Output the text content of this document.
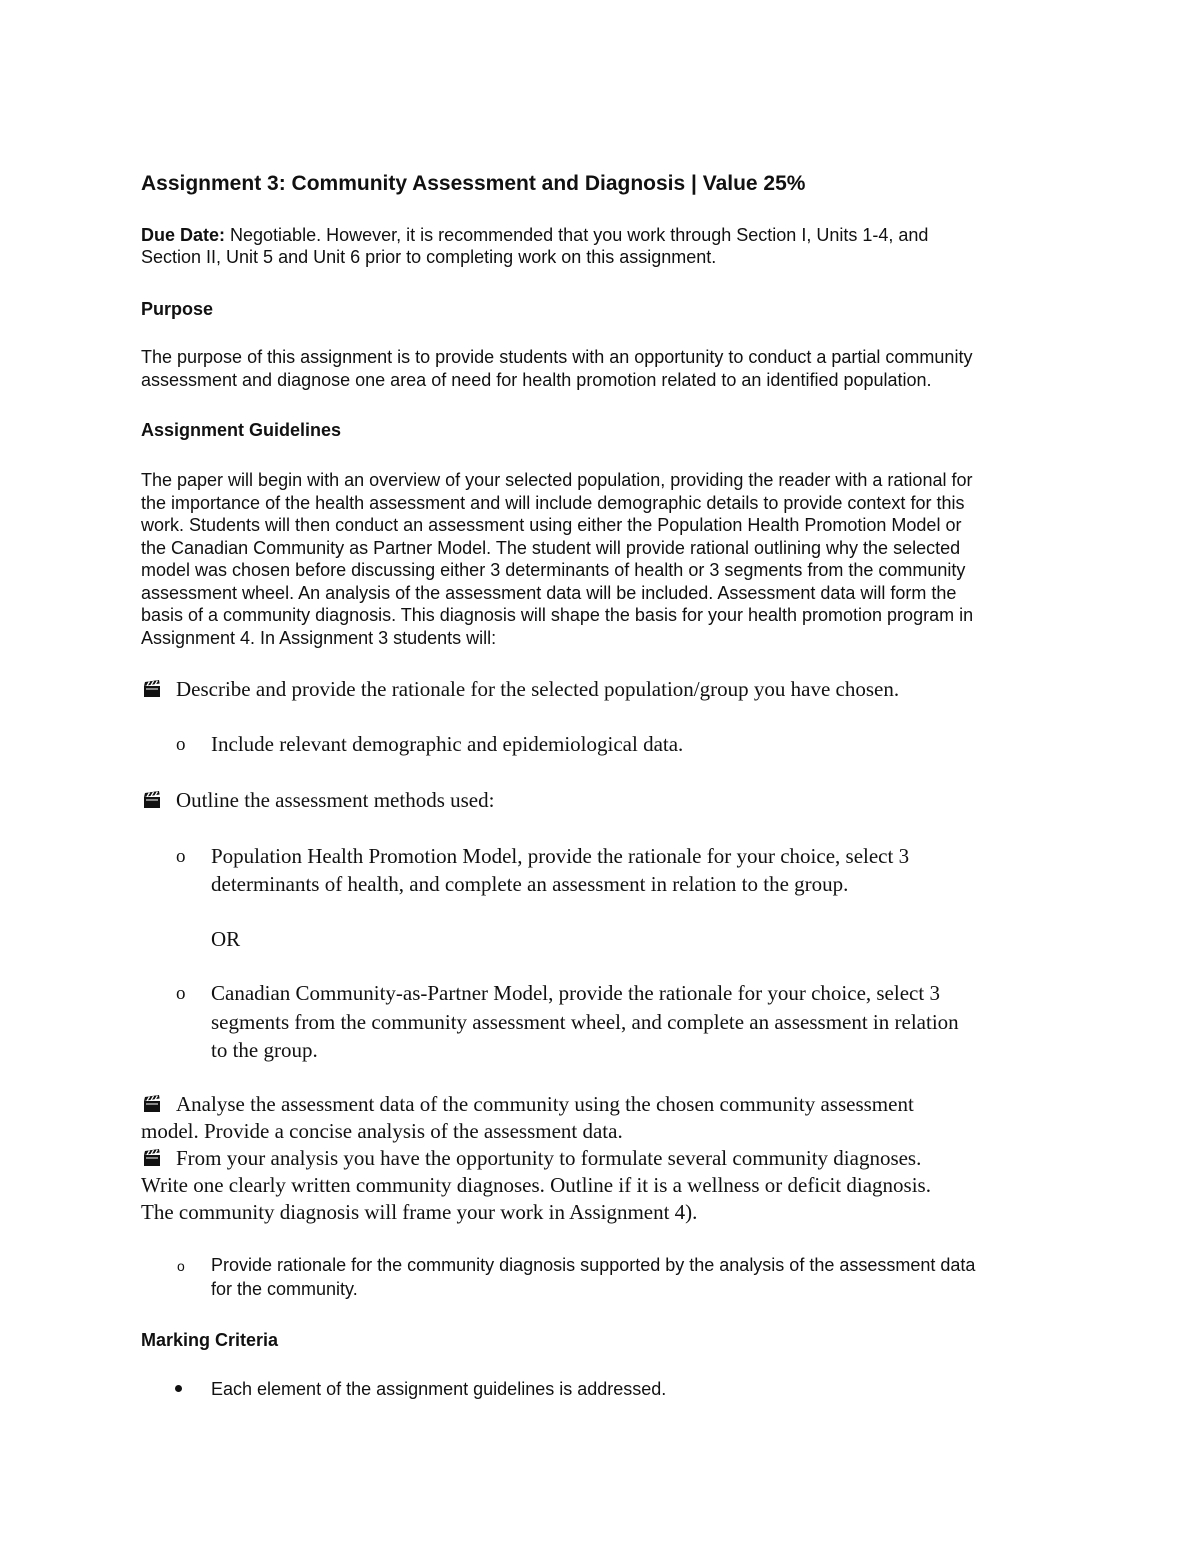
Assignment 3: Community Assessment and Diagnosis | Value 25%

Due Date: Negotiable. However, it is recommended that you work through Section I, Units 1-4, and

Section II, Unit 5 and Unit 6 prior to completing work on this assignment.

Purpose

The purpose of this assignment is to provide students with an opportunity to conduct a partial community

assessment and diagnose one area of need for health promotion related to an identified population.

Assignment Guidelines

The paper will begin with an overview of your selected population, providing the reader with a rational for

the importance of the health assessment and will include demographic details to provide context for this

work. Students will then conduct an assessment using either the Population Health Promotion Model or

the Canadian Community as Partner Model. The student will provide rational outlining why the selected

model was chosen before discussing either 3 determinants of health or 3 segments from the community

assessment wheel. An analysis of the assessment data will be included. Assessment data will form the

basis of a community diagnosis. This diagnosis will shape the basis for your health promotion program in

Assignment 4. In Assignment 3 students will:

Describe and provide the rationale for the selected population/group you have chosen.

o Include relevant demographic and epidemiological data.

Outline the assessment methods used:

o Population Health Promotion Model, provide the rationale for your choice, select 3

determinants of health, and complete an assessment in relation to the group.

OR

o Canadian Community-as-Partner Model, provide the rationale for your choice, select 3

segments from the community assessment wheel, and complete an assessment in relation

to the group.

Analyse the assessment data of the community using the chosen community assessment

model. Provide a concise analysis of the assessment data.

From your analysis you have the opportunity to formulate several community diagnoses.

Write one clearly written community diagnoses. Outline if it is a wellness or deficit diagnosis.

The community diagnosis will frame your work in Assignment 4).

o Provide rationale for the community diagnosis supported by the analysis of the assessment data

for the community.

Marking Criteria

Each element of the assignment guidelines is addressed.
